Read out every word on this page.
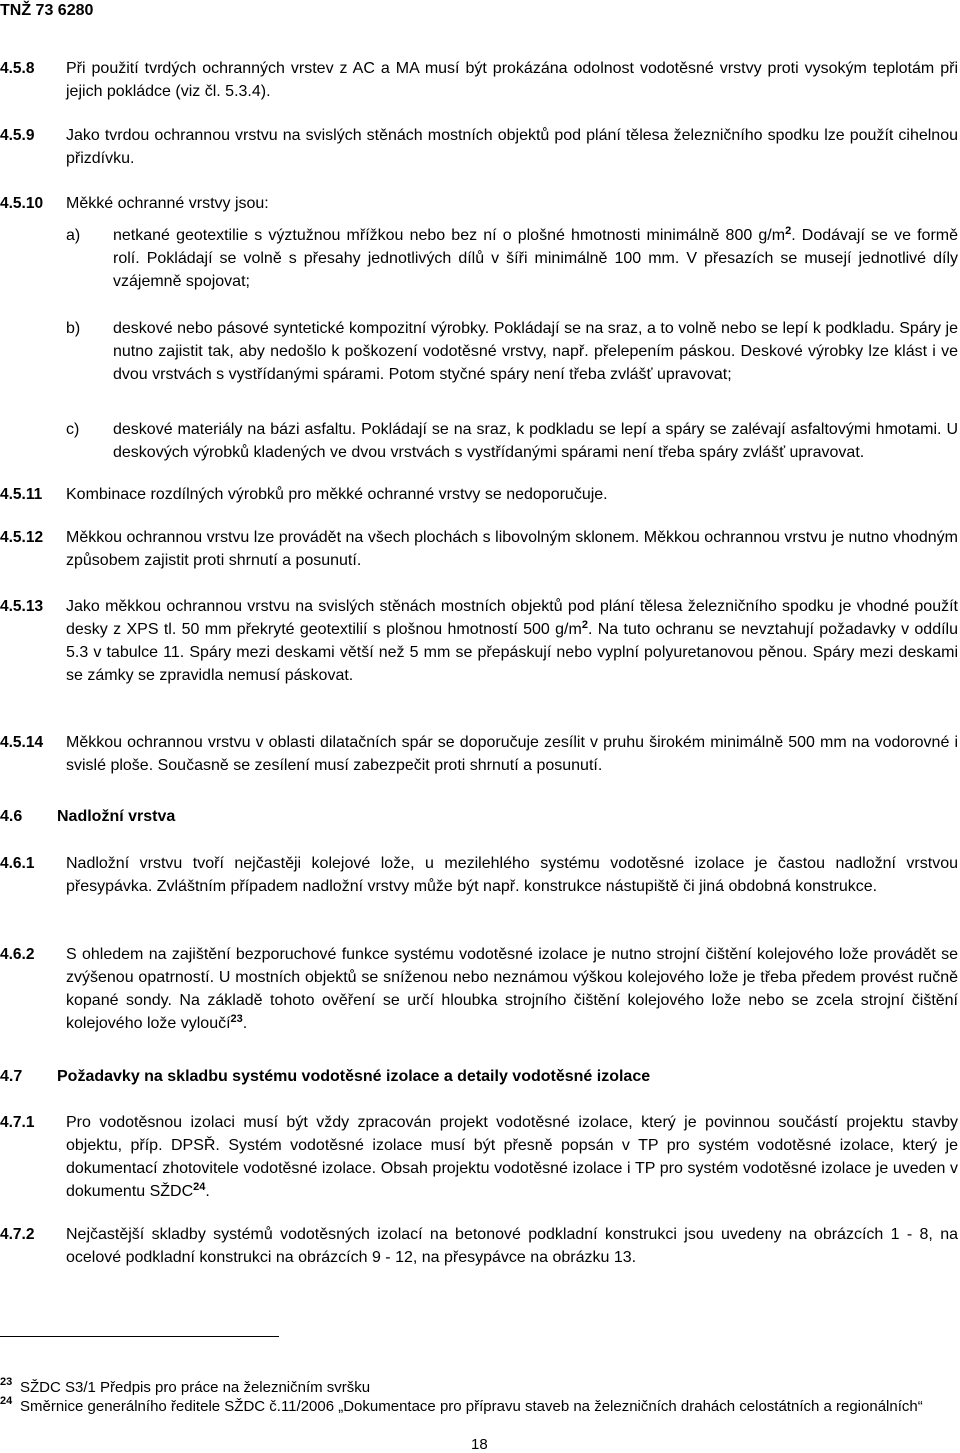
TNŽ 73 6280
4.5.8 Při použití tvrdých ochranných vrstev z AC a MA musí být prokázána odolnost vodotěsné vrstvy proti vysokým teplotám při jejich pokládce (viz čl. 5.3.4).
4.5.9 Jako tvrdou ochrannou vrstvu na svislých stěnách mostních objektů pod plání tělesa železničního spodku lze použít cihelnou přizdívku.
4.5.10 Měkké ochranné vrstvy jsou:
a) netkané geotextilie s výztužnou mřížkou nebo bez ní o plošné hmotnosti minimálně 800 $g/m^2$. Dodávají se ve formě rolí. Pokládají se volně s přesahy jednotlivých dílů v šíři minimálně 100 mm. V přesazích se musejí jednotlivé díly vzájemně spojovat;
b) deskové nebo pásové syntetické kompozitní výrobky. Pokládají se na sraz, a to volně nebo se lepí k podkladu. Spáry je nutno zajistit tak, aby nedošlo k poškození vodotěsné vrstvy, např. přelepením páskou. Deskové výrobky lze klást i ve dvou vrstvách s vystřídanými spárami. Potom styčné spáry není třeba zvlášť upravovat;
c) deskové materiály na bázi asfaltu. Pokládají se na sraz, k podkladu se lepí a spáry se zalévají asfaltovými hmotami. U deskových výrobků kladených ve dvou vrstvách s vystřídanými spárami není třeba spáry zvlášť upravovat.
4.5.11 Kombinace rozdílných výrobků pro měkké ochranné vrstvy se nedoporučuje.
4.5.12 Měkkou ochrannou vrstvu lze provádět na všech plochách s libovolným sklonem. Měkkou ochrannou vrstvu je nutno vhodným způsobem zajistit proti shrnutí a posunutí.
4.5.13 Jako měkkou ochrannou vrstvu na svislých stěnách mostních objektů pod plání tělesa železničního spodku je vhodné použít desky z XPS tl. 50 mm překryté geotextilií s plošnou hmotností 500 $g/m^2$. Na tuto ochranu se nevztahují požadavky v oddílu 5.3 v tabulce 11. Spáry mezi deskami větší než 5 mm se přepáskují nebo vyplní polyuretanovou pěnou. Spáry mezi deskami se zámky se zpravidla nemusí páskovat.
4.5.14 Měkkou ochrannou vrstvu v oblasti dilatačních spár se doporučuje zesílit v pruhu širokém minimálně 500 mm na vodorovné i svislé ploše. Současně se zesílení musí zabezpečit proti shrnutí a posunutí.
4.6 Nadložní vrstva
4.6.1 Nadložní vrstvu tvoří nejčastěji kolejové lože, u mezilehlého systému vodotěsné izolace je častou nadložní vrstvou přesypávka. Zvláštním případem nadložní vrstvy může být např. konstrukce nástupiště či jiná obdobná konstrukce.
4.6.2 S ohledem na zajištění bezporuchové funkce systému vodotěsné izolace je nutno strojní čištění kolejového lože provádět se zvýšenou opatrností. U mostních objektů se sníženou nebo neznámou výškou kolejového lože je třeba předem provést ručně kopané sondy. Na základě tohoto ověření se určí hloubka strojního čištění kolejového lože nebo se zcela strojní čištění kolejového lože vyloučí$^{23}$.
4.7 Požadavky na skladbu systému vodotěsné izolace a detaily vodotěsné izolace
4.7.1 Pro vodotěsnou izolaci musí být vždy zpracován projekt vodotěsné izolace, který je povinnou součástí projektu stavby objektu, příp. DPSŘ. Systém vodotěsné izolace musí být přesně popsán v TP pro systém vodotěsné izolace, který je dokumentací zhotovitele vodotěsné izolace. Obsah projektu vodotěsné izolace i TP pro systém vodotěsné izolace je uveden v dokumentu SŽDC$^{24}$.
4.7.2 Nejčastější skladby systémů vodotěsných izolací na betonové podkladní konstrukci jsou uvedeny na obrázcích 1 - 8, na ocelové podkladní konstrukci na obrázcích 9 - 12, na přesypávce na obrázku 13.
23 SŽDC S3/1 Předpis pro práce na železničním svršku
24 Směrnice generálního ředitele SŽDC č.11/2006 „Dokumentace pro přípravu staveb na železničních drahách celostátních a regionálních“
18
